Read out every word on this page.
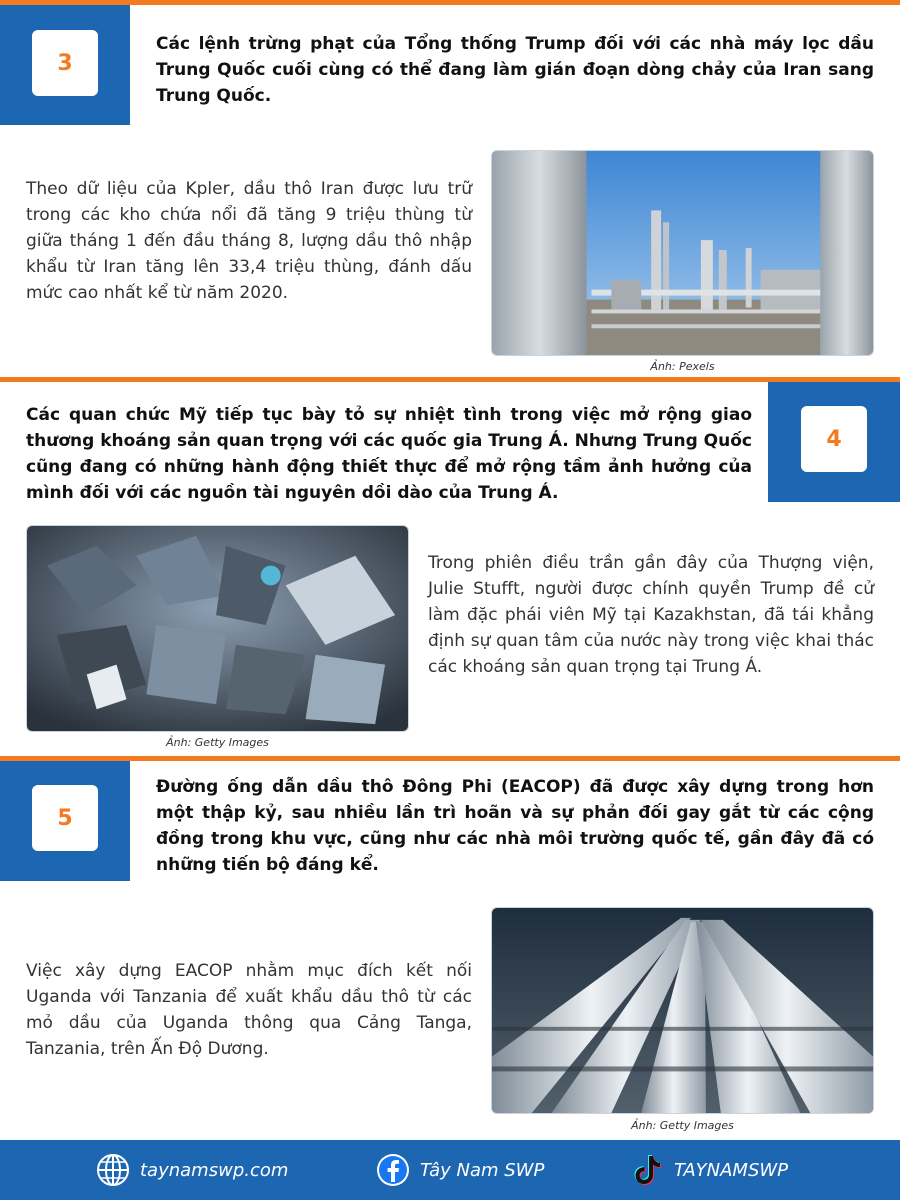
3
Các lệnh trừng phạt của Tổng thống Trump đối với các nhà máy lọc dầu Trung Quốc cuối cùng có thể đang làm gián đoạn dòng chảy của Iran sang Trung Quốc.
Theo dữ liệu của Kpler, dầu thô Iran được lưu trữ trong các kho chứa nổi đã tăng 9 triệu thùng từ giữa tháng 1 đến đầu tháng 8, lượng dầu thô nhập khẩu từ Iran tăng lên 33,4 triệu thùng, đánh dấu mức cao nhất kể từ năm 2020.
Ảnh: Pexels
4
Các quan chức Mỹ tiếp tục bày tỏ sự nhiệt tình trong việc mở rộng giao thương khoáng sản quan trọng với các quốc gia Trung Á. Nhưng Trung Quốc cũng đang có những hành động thiết thực để mở rộng tầm ảnh hưởng của mình đối với các nguồn tài nguyên dồi dào của Trung Á.
Ảnh: Getty Images
Trong phiên điều trần gần đây của Thượng viện, Julie Stufft, người được chính quyền Trump đề cử làm đặc phái viên Mỹ tại Kazakhstan, đã tái khẳng định sự quan tâm của nước này trong việc khai thác các khoáng sản quan trọng tại Trung Á.
5
Đường ống dẫn dầu thô Đông Phi (EACOP) đã được xây dựng trong hơn một thập kỷ, sau nhiều lần trì hoãn và sự phản đối gay gắt từ các cộng đồng trong khu vực, cũng như các nhà môi trường quốc tế, gần đây đã có những tiến bộ đáng kể.
Việc xây dựng EACOP nhằm mục đích kết nối Uganda với Tanzania để xuất khẩu dầu thô từ các mỏ dầu của Uganda thông qua Cảng Tanga, Tanzania, trên Ấn Độ Dương.
Ảnh: Getty Images
taynamswp.com	Tây Nam SWP	TAYNAMSWP
